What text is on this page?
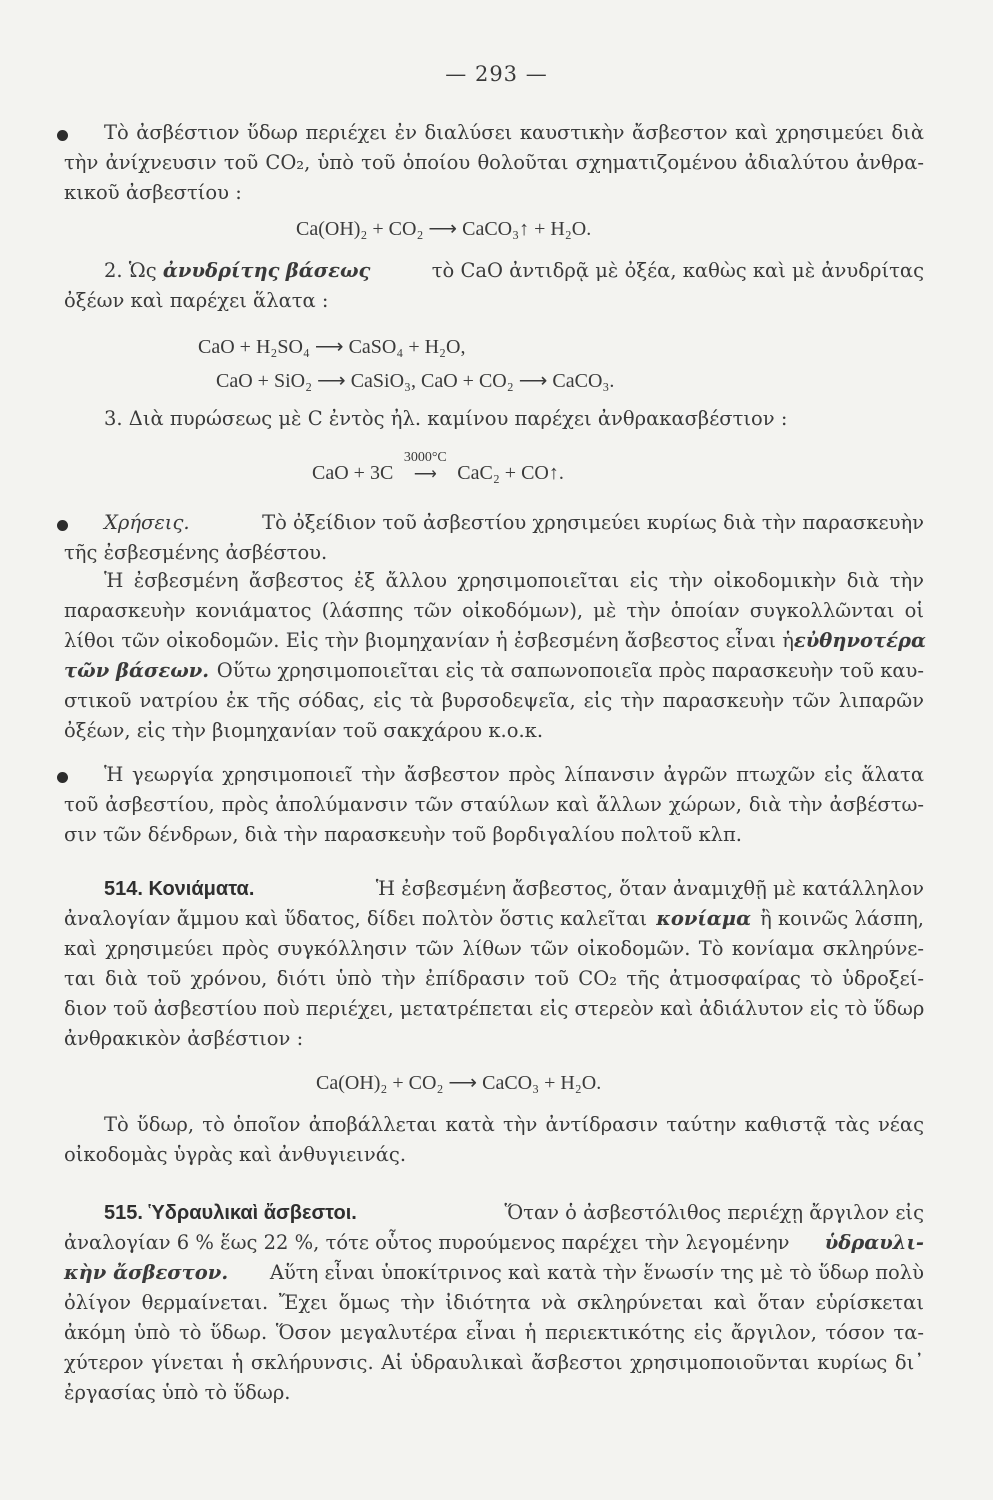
— 293 —
Τὸ ἀσβέστιον ὕδωρ περιέχει ἐν διαλύσει καυστικὴν ἄσβεστον καὶ χρησιμεύει διὰ
τὴν ἀνίχνευσιν τοῦ CO₂, ὑπὸ τοῦ ὁποίου θολοῦται σχηματιζομένου ἀδιαλύτου ἀνθρα-
κικοῦ ἀσβεστίου :
Ca(OH)₂ + CO₂ ⟶ CaCO₃↑ + H₂O.
2. Ὡς ἀνυδρίτης βάσεως	τὸ CaO ἀντιδρᾷ μὲ ὀξέα, καθὼς καὶ μὲ ἀνυδρίτας
ὀξέων καὶ παρέχει ἅλατα :
CaO + H₂SO₄ ⟶ CaSO₄ + H₂O,
CaO + SiO₂ ⟶ CaSiO₃, CaO + CO₂ ⟶ CaCO₃.
3. Διὰ πυρώσεως μὲ C ἐντὸς ἠλ. καμίνου παρέχει ἀνθρακασβέστιον :
CaO + 3C
3000°C
⟶	CaC₂ + CO↑.
Χρήσεις.	Τὸ ὀξείδιον τοῦ ἀσβεστίου χρησιμεύει κυρίως διὰ τὴν παρασκευὴν
τῆς ἐσβεσμένης ἀσβέστου.
Ἡ ἐσβεσμένη ἄσβεστος ἐξ ἄλλου χρησιμοποιεῖται εἰς τὴν οἰκοδομικὴν διὰ τὴν
παρασκευὴν κονιάματος (λάσπης τῶν οἰκοδόμων), μὲ τὴν ὁποίαν συγκολλῶνται οἱ
λίθοι τῶν οἰκοδομῶν. Εἰς τὴν βιομηχανίαν ἡ ἐσβεσμένη ἄσβεστος εἶναι ἡ εὐθηνοτέρα
τῶν βάσεων. Οὕτω χρησιμοποιεῖται εἰς τὰ σαπωνοποιεῖα πρὸς παρασκευὴν τοῦ καυ-
στικοῦ νατρίου ἐκ τῆς σόδας, εἰς τὰ βυρσοδεψεῖα, εἰς τὴν παρασκευὴν τῶν λιπαρῶν
ὀξέων, εἰς τὴν βιομηχανίαν τοῦ σακχάρου κ.ο.κ.
Ἡ γεωργία χρησιμοποιεῖ τὴν ἄσβεστον πρὸς λίπανσιν ἀγρῶν πτωχῶν εἰς ἅλατα
τοῦ ἀσβεστίου, πρὸς ἀπολύμανσιν τῶν σταύλων καὶ ἄλλων χώρων, διὰ τὴν ἀσβέστω-
σιν τῶν δένδρων, διὰ τὴν παρασκευὴν τοῦ βορδιγαλίου πολτοῦ κλπ.
514. Κονιάματα.	Ἡ ἐσβεσμένη ἄσβεστος, ὅταν ἀναμιχθῇ μὲ κατάλληλον
ἀναλογίαν ἄμμου καὶ ὕδατος, δίδει πολτὸν ὅστις καλεῖται κονίαμα ἢ κοινῶς λάσπη,
καὶ χρησιμεύει πρὸς συγκόλλησιν τῶν λίθων τῶν οἰκοδομῶν. Τὸ κονίαμα σκληρύνε-
ται διὰ τοῦ χρόνου, διότι ὑπὸ τὴν ἐπίδρασιν τοῦ CO₂ τῆς ἀτμοσφαίρας τὸ ὑδροξεί-
διον τοῦ ἀσβεστίου ποὺ περιέχει, μετατρέπεται εἰς στερεὸν καὶ ἀδιάλυτον εἰς τὸ ὕδωρ
ἀνθρακικὸν ἀσβέστιον :
Ca(OH)₂ + CO₂ ⟶ CaCO₃ + H₂O.
Τὸ ὕδωρ, τὸ ὁποῖον ἀποβάλλεται κατὰ τὴν ἀντίδρασιν ταύτην καθιστᾷ τὰς νέας
οἰκοδομὰς ὑγρὰς καὶ ἀνθυγιεινάς.
515. Ὑδραυλικαὶ ἄσβεστοι.	Ὅταν ὁ ἀσβεστόλιθος περιέχῃ ἄργιλον εἰς
ἀναλογίαν 6 % ἕως 22 %, τότε οὗτος πυρούμενος παρέχει τὴν λεγομένην ὑδραυλι-
κὴν ἄσβεστον. Αὕτη εἶναι ὑποκίτρινος καὶ κατὰ τὴν ἕνωσίν της μὲ τὸ ὕδωρ πολὺ
ὀλίγον θερμαίνεται. Ἔχει ὅμως τὴν ἰδιότητα νὰ σκληρύνεται καὶ ὅταν εὑρίσκεται
ἀκόμη ὑπὸ τὸ ὕδωρ. Ὅσον μεγαλυτέρα εἶναι ἡ περιεκτικότης εἰς ἄργιλον, τόσον τα-
χύτερον γίνεται ἡ σκλήρυνσις. Αἱ ὑδραυλικαὶ ἄσβεστοι χρησιμοποιοῦνται κυρίως δι᾽
ἐργασίας ὑπὸ τὸ ὕδωρ.
